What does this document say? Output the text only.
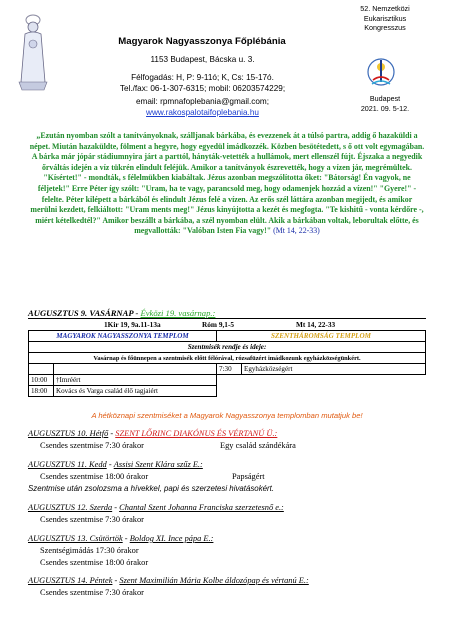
Magyarok Nagyasszonya Főplébánia
1153 Budapest, Bácska u. 3.
Félfogadás: H, P: 9-11ó; K, Cs: 15-17ó.
Tel./fax: 06-1-307-6315; mobil: 06203574229;
email: rpmnafoplebania@gmail.com;
www.rakospalotaifoplebania.hu
52. Nemzetközi
Eukarisztikus
Kongresszus
Budapest
2021. 09. 5-12.
„Ezután nyomban szólt a tanítványoknak, szálljanak bárkába, és evezzenek át a túlsó partra, addig ő hazaküldi a népet. Miután hazaküldte, fölment a hegyre, hogy egyedül imádkozzék. Közben besötétedett, s ő ott volt egymagában. A bárka már jópár stádiumnyira járt a parttól, hányták-vetették a hullámok, mert ellenszél fújt. Éjszaka a negyedik őrváltás idején a víz tükrén elindult feléjük. Amikor a tanítványok észrevették, hogy a vízen jár, megrémültek. "Kísértet!" - mondták, s félelmükben kiabáltak. Jézus azonban megszólította őket: "Bátorság! Én vagyok, ne féljetek!" Erre Péter így szólt: "Uram, ha te vagy, parancsold meg, hogy odamenjek hozzád a vízen!" "Gyere!" - felelte. Péter kilépett a bárkából és elindult Jézus felé a vízen. Az erős szél láttára azonban megijedt, és amikor merülni kezdett, felkiáltott: "Uram ments meg!" Jézus kinyújtotta a kezét és megfogta. "Te kishitű - vonta kérdőre -, miért kételkedtél?" Amikor beszállt a bárkába, a szél nyomban elült. Akik a bárkában voltak, leborultak előtte, és megvallották: "Valóban Isten Fia vagy!" (Mt 14, 22-33)
AUGUSZTUS 9. VASÁRNAP - Évközi 19. vasárnap.:
1Kir 19, 9a.11-13a	Róm 9,1-5	Mt 14, 22-33
MAGYAROK NAGYASSZONYA TEMPLOM		SZENTHÁROMSÁG TEMPLOM	
Szentmisék rendje és ideje:			
Vasárnap és főünnepen a szentmisék előtt félórával, rózsafüzért imádkozunk egyházközségünkért.			
		7:30	Egyházközségért
10:00	†Imréért		
18:00	Kovács és Varga család élő tagjaiért		
A hétköznapi szentmiséket a Magyarok Nagyasszonya templomban mutatjuk be!
AUGUSZTUS 10. Hétfő - SZENT LŐRINC DIAKÓNUS ÉS VÉRTANÚ Ü.:
Csendes szentmise 7:30 órakor	Egy család szándékára
AUGUSZTUS 11. Kedd - Assisi Szent Klára szűz E.:
Csendes szentmise 18:00 órakor	Papságért
Szentmise után zsolozsma a hívekkel, papi és szerzetesi hivatásokért.
AUGUSZTUS 12. Szerda - Chantal Szent Johanna Franciska szerzetesnő e.:
Csendes szentmise 7:30 órakor
AUGUSZTUS 13. Csütörtök - Boldog XI. Ince pápa E.:
Szentségimádás 17:30 órakor
Csendes szentmise 18:00 órakor
AUGUSZTUS 14. Péntek - Szent Maximilián Mária Kolbe áldozópap és vértanú E.:
Csendes szentmise 7:30 órakor
